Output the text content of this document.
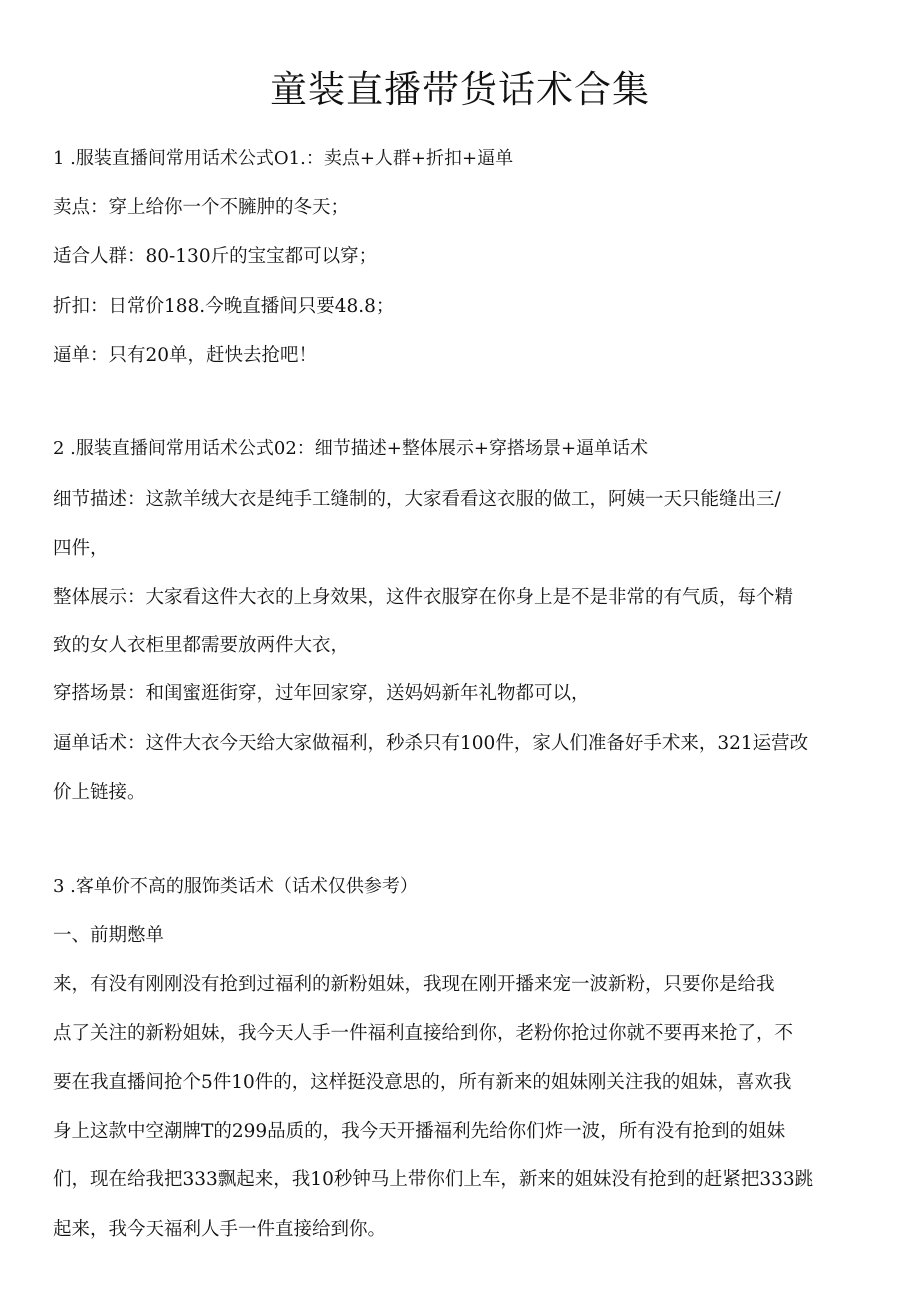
童装直播带货话术合集

1 .服装直播间常用话术公式O1.：卖点+人群+折扣+逼单

卖点：穿上给你一个不臃肿的冬天；

适合人群：80-130斤的宝宝都可以穿；

折扣：日常价188.今晚直播间只要48.8；

逼单：只有20单，赶快去抢吧！

2 .服装直播间常用话术公式02：细节描述+整体展示+穿搭场景+逼单话术

细节描述：这款羊绒大衣是纯手工缝制的，大家看看这衣服的做工，阿姨一天只能缝出三/

四件，

整体展示：大家看这件大衣的上身效果，这件衣服穿在你身上是不是非常的有气质，每个精

致的女人衣柜里都需要放两件大衣，

穿搭场景：和闺蜜逛街穿，过年回家穿，送妈妈新年礼物都可以，

逼单话术：这件大衣今天给大家做福利，秒杀只有100件，家人们准备好手术来，321运营改

价上链接。

3 .客单价不高的服饰类话术（话术仅供参考）

一、前期憋单

来，有没有刚刚没有抢到过福利的新粉姐妹，我现在刚开播来宠一波新粉，只要你是给我

点了关注的新粉姐妹，我今天人手一件福利直接给到你，老粉你抢过你就不要再来抢了，不

要在我直播间抢个5件10件的，这样挺没意思的，所有新来的姐妹刚关注我的姐妹，喜欢我

身上这款中空潮牌T的299品质的，我今天开播福利先给你们炸一波，所有没有抢到的姐妹

们，现在给我把333飘起来，我10秒钟马上带你们上车，新来的姐妹没有抢到的赶紧把333跳

起来，我今天福利人手一件直接给到你。
